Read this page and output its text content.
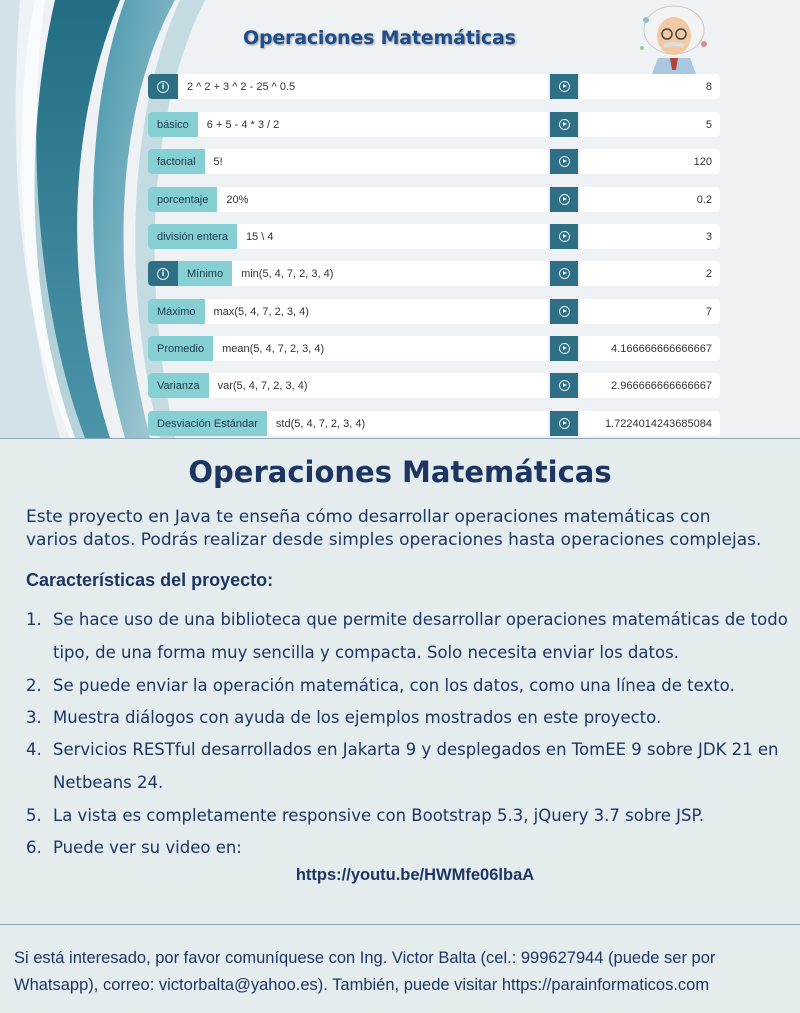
Operaciones Matemáticas
i	2 ^ 2 + 3 ^ 2 - 25 ^ 0.5	8
básico	6 + 5 - 4 * 3 / 2	5
factorial	5!	120
porcentaje	20%	0.2
división entera	15 \ 4	3
i	Mínimo	min(5, 4, 7, 2, 3, 4)	2
Máximo	max(5, 4, 7, 2, 3, 4)	7
Promedio	mean(5, 4, 7, 2, 3, 4)	4.166666666666667
Varianza	var(5, 4, 7, 2, 3, 4)	2.966666666666667
Desviación Estándar	std(5, 4, 7, 2, 3, 4)	1.7224014243685084
Operaciones Matemáticas
Este proyecto en Java te enseña cómo desarrollar operaciones matemáticas con varios datos. Podrás realizar desde simples operaciones hasta operaciones complejas.
Características del proyecto:
1. Se hace uso de una biblioteca que permite desarrollar operaciones matemáticas de todo
tipo, de una forma muy sencilla y compacta. Solo necesita enviar los datos.
2. Se puede enviar la operación matemática, con los datos, como una línea de texto.
3. Muestra diálogos con ayuda de los ejemplos mostrados en este proyecto.
4. Servicios RESTful desarrollados en Jakarta 9 y desplegados en TomEE 9 sobre JDK 21 en
Netbeans 24.
5. La vista es completamente responsive con Bootstrap 5.3, jQuery 3.7 sobre JSP.
6. Puede ver su video en:
https://youtu.be/HWMfe06lbaA
Si está interesado, por favor comuníquese con Ing. Victor Balta (cel.: 999627944 (puede ser por
Whatsapp), correo: victorbalta@yahoo.es). También, puede visitar https://parainformaticos.com
